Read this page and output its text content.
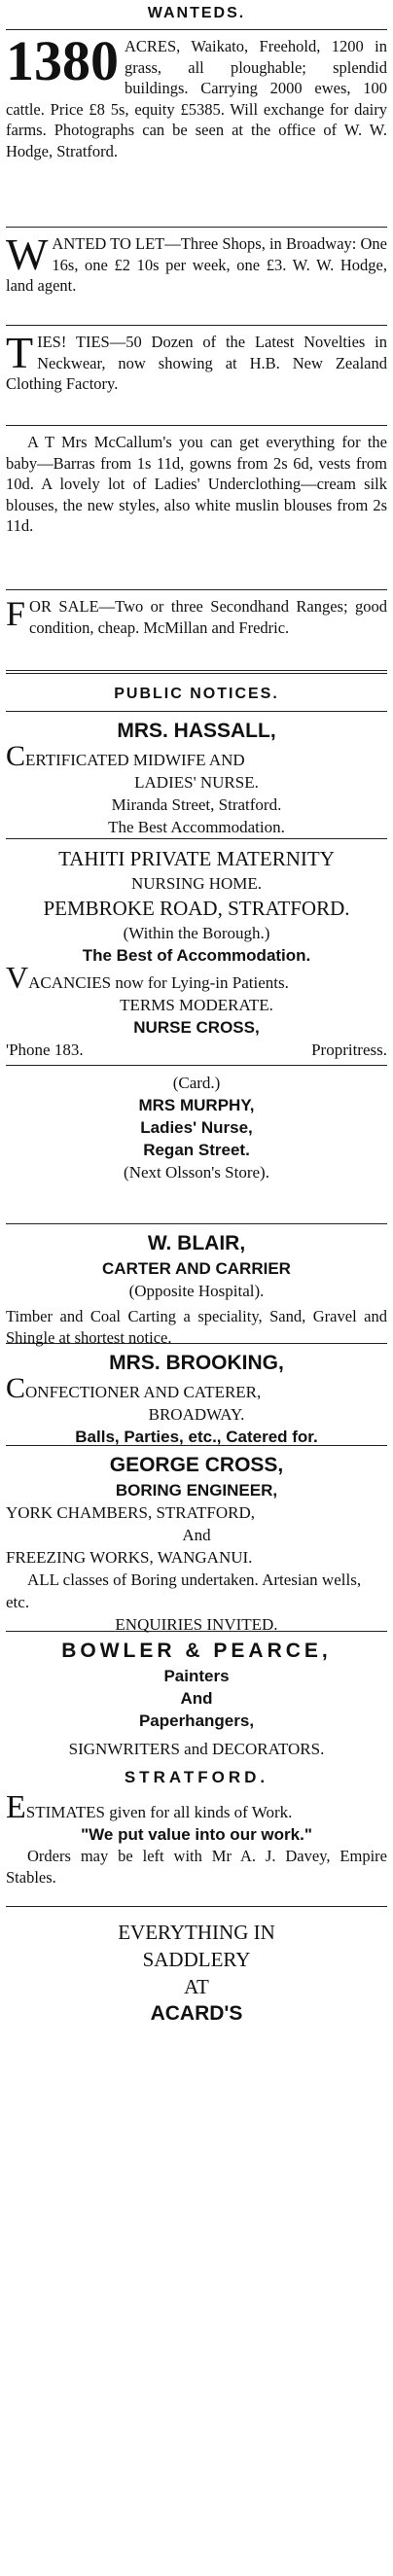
WANTEDS.
1380 ACRES, Waikato, Freehold, 1200 in grass, all ploughable; splendid buildings. Carrying 2000 ewes, 100 cattle. Price £8 5s, equity £5385. Will exchange for dairy farms. Photographs can be seen at the office of W. W. Hodge, Stratford.

W ANTED TO LET—Three Shops, in Broadway: One 16s, one £2 10s per week, one £3. W. W. Hodge, land agent.

T IES! TIES—50 Dozen of the Latest Novelties in Neckwear, now showing at H.B. New Zealand Clothing Factory.

A T Mrs McCallum's you can get everything for the baby—Barras from 1s 11d, gowns from 2s 6d, vests from 10d. A lovely lot of Ladies' Underclothing—cream silk blouses, the new styles, also white muslin blouses from 2s 11d.

F OR SALE—Two or three Secondhand Ranges; good condition, cheap. McMillan and Fredric.

PUBLIC NOTICES.
MRS. HASSALL,
CERTIFICATED MIDWIFE AND
LADIES' NURSE.
Miranda Street, Stratford.
The Best Accommodation.
TAHITI PRIVATE MATERNITY
NURSING HOME.
PEMBROKE ROAD, STRATFORD.
(Within the Borough.)
The Best of Accommodation.
VACANCIES now for Lying-in Patients.
TERMS MODERATE.
NURSE CROSS,
'Phone 183.	Propritress.
(Card.)
MRS MURPHY,
Ladies' Nurse,
Regan Street.
(Next Olsson's Store).
W. BLAIR,
CARTER AND CARRIER
(Opposite Hospital).

Timber and Coal Carting a speciality, Sand, Gravel and Shingle at shortest notice.

MRS. BROOKING,
CONFECTIONER AND CATERER,
BROADWAY.
Balls, Parties, etc., Catered for.
GEORGE CROSS,
BORING ENGINEER,
YORK CHAMBERS, STRATFORD,
And
FREEZING WORKS, WANGANUI.
ALL classes of Boring undertaken. Artesian wells, etc.
ENQUIRIES INVITED.
BOWLER & PEARCE,
Painters
And
Paperhangers,
SIGNWRITERS and DECORATORS.
STRATFORD.
ESTIMATES given for all kinds of Work.
"We put value into our work."

Orders may be left with Mr A. J. Davey, Empire Stables.

EVERYTHING IN
SADDLERY
AT
ACARD'S
